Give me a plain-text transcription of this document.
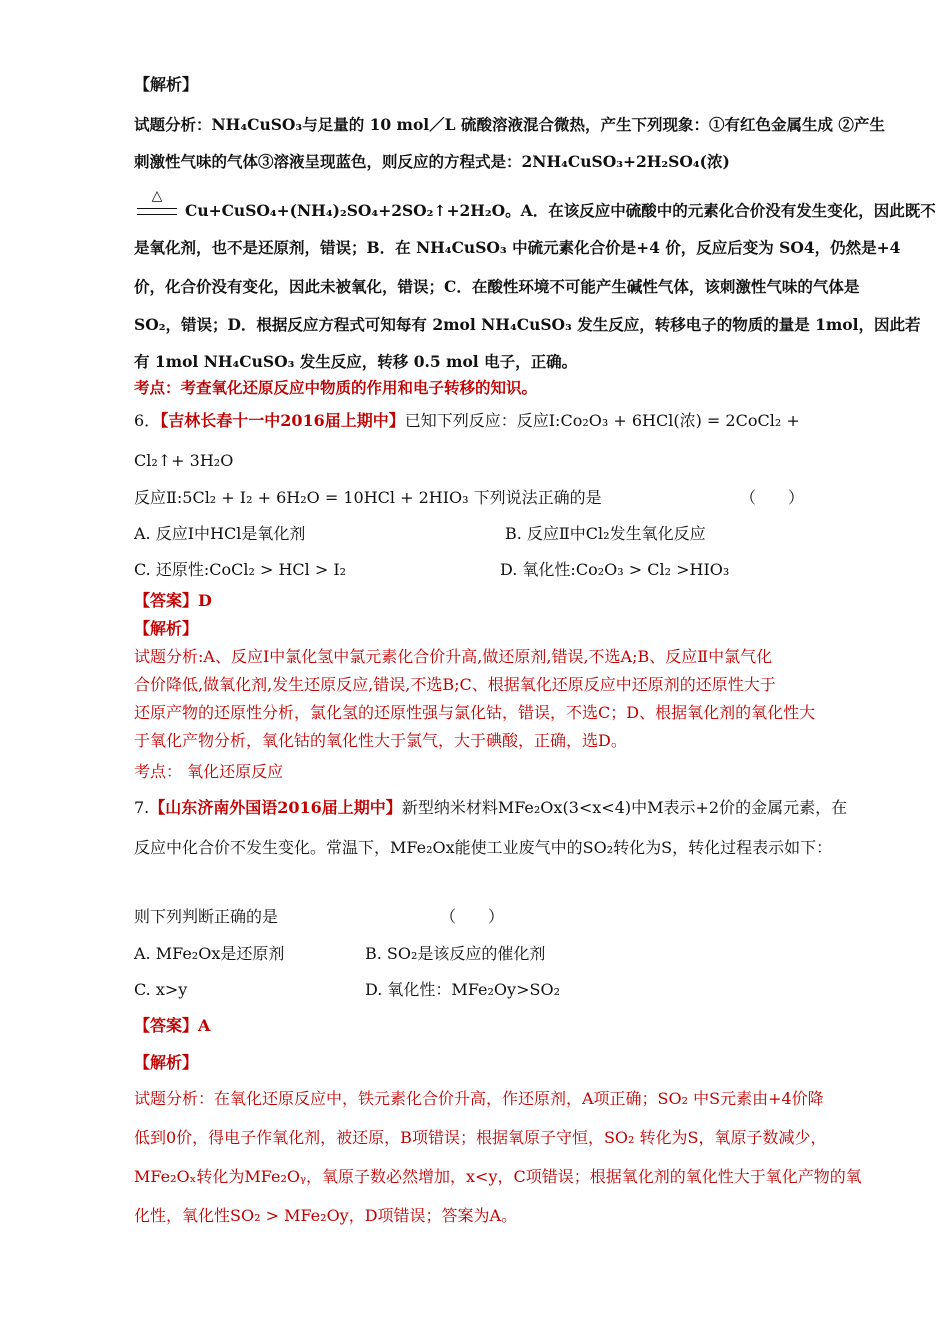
【解析】
试题分析：NH₄CuSO₃与足量的 10 mol／L 硫酸溶液混合微热，产生下列现象：①有红色金属生成 ②产生
刺激性气味的气体③溶液呈现蓝色，则反应的方程式是：2NH₄CuSO₃+2H₂SO₄(浓)
△
Cu+CuSO₄+(NH₄)₂SO₄+2SO₂↑+2H₂O。A．在该反应中硫酸中的元素化合价没有发生变化，因此既不
是氧化剂，也不是还原剂，错误；B．在 NH₄CuSO₃ 中硫元素化合价是+4 价，反应后变为 SO4，仍然是+4
价，化合价没有变化，因此未被氧化，错误；C．在酸性环境不可能产生碱性气体，该刺激性气味的气体是
SO₂，错误；D．根据反应方程式可知每有 2mol NH₄CuSO₃ 发生反应，转移电子的物质的量是 1mol，因此若
有 1mol NH₄CuSO₃ 发生反应，转移 0.5 mol 电子，正确。
考点：考查氧化还原反应中物质的作用和电子转移的知识。
6．【吉林长春十一中2016届上期中】已知下列反应：反应Ⅰ:Co₂O₃ + 6HCl(浓) = 2CoCl₂ +
Cl₂↑+ 3H₂O
反应Ⅱ:5Cl₂ + I₂ + 6H₂O = 10HCl + 2HIO₃ 下列说法正确的是	（　　）
A. 反应Ⅰ中HCl是氧化剂	B. 反应Ⅱ中Cl₂发生氧化反应
C. 还原性:CoCl₂ > HCl > I₂	D. 氧化性:Co₂O₃ > Cl₂ >HIO₃
【答案】D
【解析】
试题分析:A、反应Ⅰ中氯化氢中氯元素化合价升高,做还原剂,错误,不选A;B、反应Ⅱ中氯气化
合价降低,做氧化剂,发生还原反应,错误,不选B;C、根据氧化还原反应中还原剂的还原性大于
还原产物的还原性分析，氯化氢的还原性强与氯化钴，错误，不选C；D、根据氧化剂的氧化性大
于氧化产物分析，氧化钴的氧化性大于氯气，大于碘酸，正确，选D。
考点： 氧化还原反应
7.【山东济南外国语2016届上期中】新型纳米材料MFe₂Ox(3<x<4)中M表示+2价的金属元素，在
反应中化合价不发生变化。常温下，MFe₂Ox能使工业废气中的SO₂转化为S，转化过程表示如下：
则下列判断正确的是	（　　）
A. MFe₂Ox是还原剂	B. SO₂是该反应的催化剂
C. x>y	D. 氧化性：MFe₂Oy>SO₂
【答案】A
【解析】
试题分析：在氧化还原反应中，铁元素化合价升高，作还原剂，A项正确；SO₂ 中S元素由+4价降
低到0价，得电子作氧化剂，被还原，B项错误；根据氧原子守恒，SO₂ 转化为S，氧原子数减少，
MFe₂Oₓ转化为MFe₂Oᵧ，氧原子数必然增加，x<y，C项错误；根据氧化剂的氧化性大于氧化产物的氧
化性，氧化性SO₂ > MFe₂Oy，D项错误；答案为A。
